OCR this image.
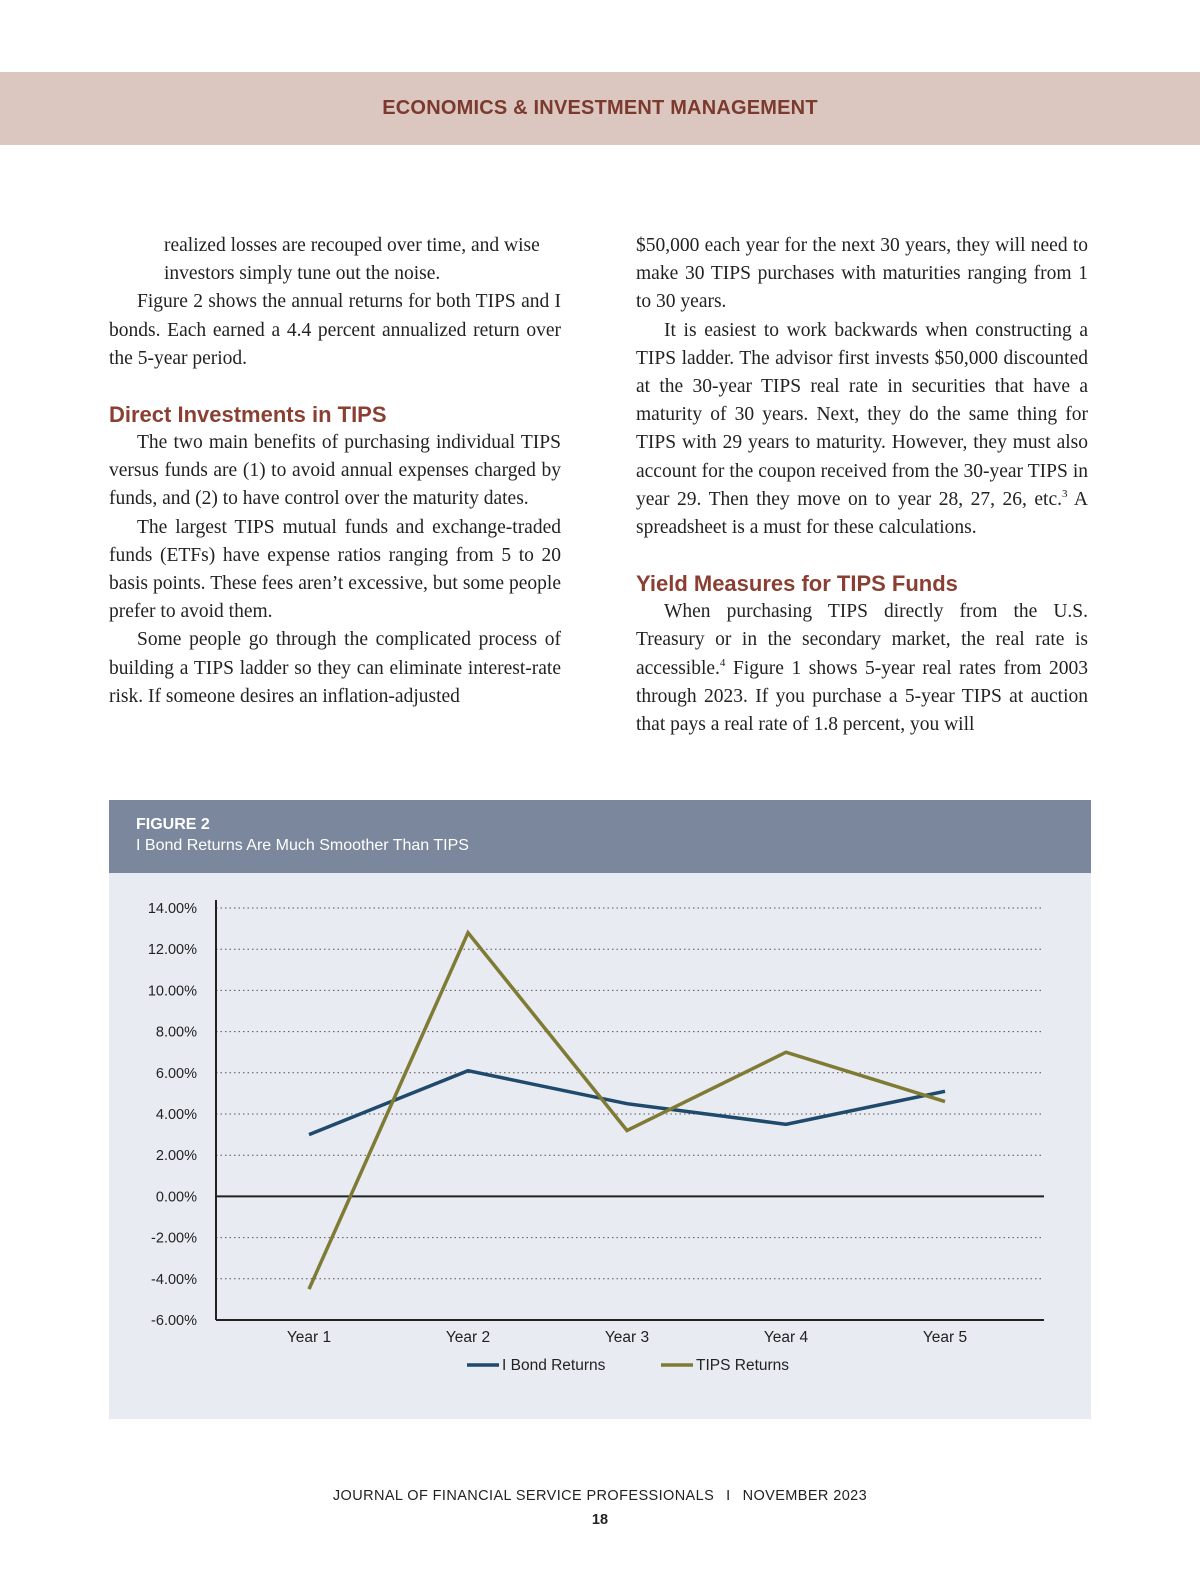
ECONOMICS & INVESTMENT MANAGEMENT

realized losses are recouped over time, and wise investors simply tune out the noise.

Figure 2 shows the annual returns for both TIPS and I bonds. Each earned a 4.4 percent annualized return over the 5-year period.

Direct Investments in TIPS

The two main benefits of purchasing individual TIPS versus funds are (1) to avoid annual expenses charged by funds, and (2) to have control over the maturity dates.

The largest TIPS mutual funds and exchange-traded funds (ETFs) have expense ratios ranging from 5 to 20 basis points. These fees aren’t excessive, but some people prefer to avoid them.

Some people go through the complicated process of building a TIPS ladder so they can eliminate interest-rate risk. If someone desires an inflation-adjusted

$50,000 each year for the next 30 years, they will need to make 30 TIPS purchases with maturities ranging from 1 to 30 years.

It is easiest to work backwards when constructing a TIPS ladder. The advisor first invests $50,000 discounted at the 30-year TIPS real rate in securities that have a maturity of 30 years. Next, they do the same thing for TIPS with 29 years to maturity. However, they must also account for the coupon received from the 30-year TIPS in year 29. Then they move on to year 28, 27, 26, etc.$^3$ A spreadsheet is a must for these calculations.

Yield Measures for TIPS Funds

When purchasing TIPS directly from the U.S. Treasury or in the secondary market, the real rate is accessible.$^4$ Figure 1 shows 5-year real rates from 2003 through 2023. If you purchase a 5-year TIPS at auction that pays a real rate of 1.8 percent, you will

FIGURE 2
I Bond Returns Are Much Smoother Than TIPS
14.00%
12.00%
10.00%
8.00%
6.00%
4.00%
2.00%
0.00%
-2.00%
-4.00%
-6.00%
Year 1	Year 2	Year 3	Year 4	Year 5
I Bond Returns	TIPS Returns
JOURNAL OF FINANCIAL SERVICE PROFESSIONALS I NOVEMBER 2023
18
